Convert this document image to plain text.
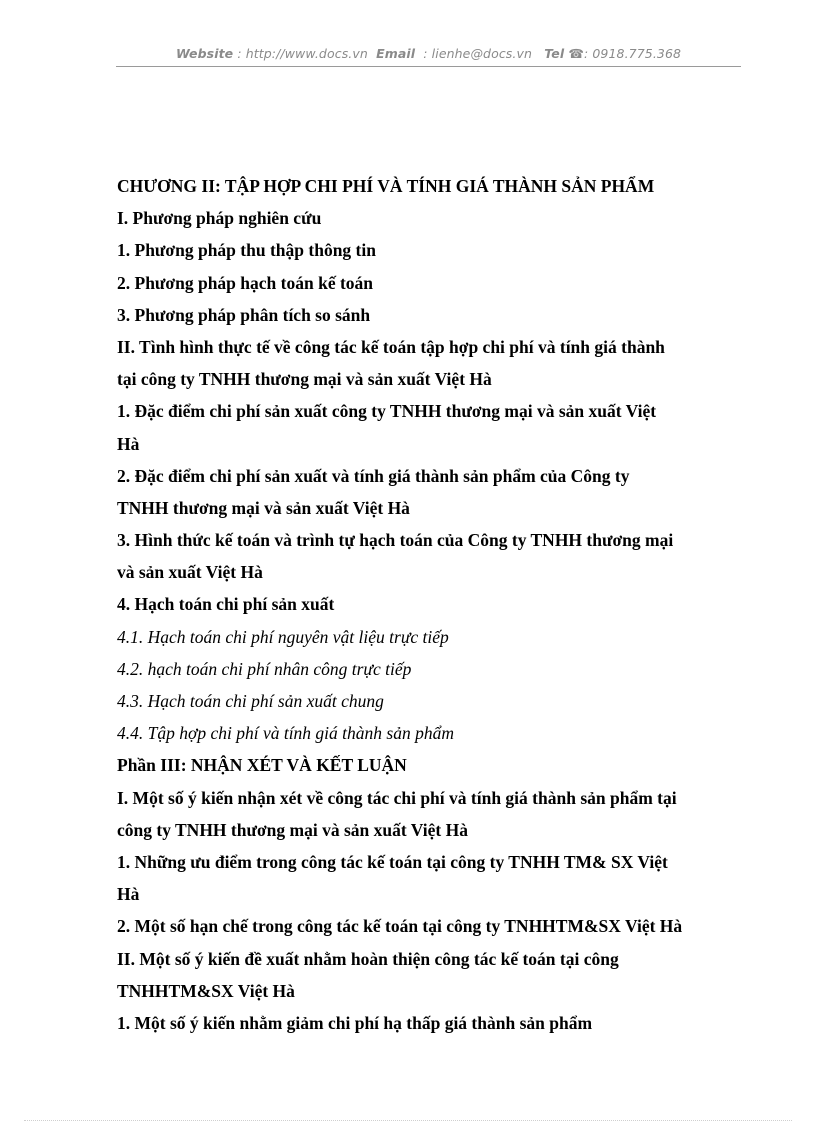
Website : http://www.docs.vn Email : lienhe@docs.vn Tel ☎: 0918.775.368
CHƯƠNG II: TẬP HỢP CHI PHÍ VÀ TÍNH GIÁ THÀNH SẢN PHẨM
I. Phương pháp nghiên cứu
1. Phương pháp thu thập thông tin
2. Phương pháp hạch toán kế toán
3. Phương pháp phân tích so sánh
II. Tình hình thực tế về công tác kế toán tập hợp chi phí và tính giá thành
tại công ty TNHH thương mại và sản xuất Việt Hà
1. Đặc điểm chi phí sản xuất công ty TNHH thương mại và sản xuất Việt
Hà
2. Đặc điểm chi phí sản xuất và tính giá thành sản phẩm của Công ty
TNHH thương mại và sản xuất Việt Hà
3. Hình thức kế toán và trình tự hạch toán của Công ty TNHH thương mại
và sản xuất Việt Hà
4. Hạch toán chi phí sản xuất
4.1. Hạch toán chi phí nguyên vật liệu trực tiếp
4.2. hạch toán chi phí nhân công trực tiếp
4.3. Hạch toán chi phí sản xuất chung
4.4. Tập hợp chi phí và tính giá thành sản phẩm
Phần III: NHẬN XÉT VÀ KẾT LUẬN
I. Một số ý kiến nhận xét về công tác chi phí và tính giá thành sản phẩm tại
công ty TNHH thương mại và sản xuất Việt Hà
1. Những ưu điểm trong công tác kế toán tại công ty TNHH TM& SX Việt
Hà
2. Một số hạn chế trong công tác kế toán tại công ty TNHHTM&SX Việt Hà
II. Một số ý kiến đề xuất nhằm hoàn thiện công tác kế toán tại công
TNHHTM&SX Việt Hà
1. Một số ý kiến nhằm giảm chi phí hạ thấp giá thành sản phẩm
